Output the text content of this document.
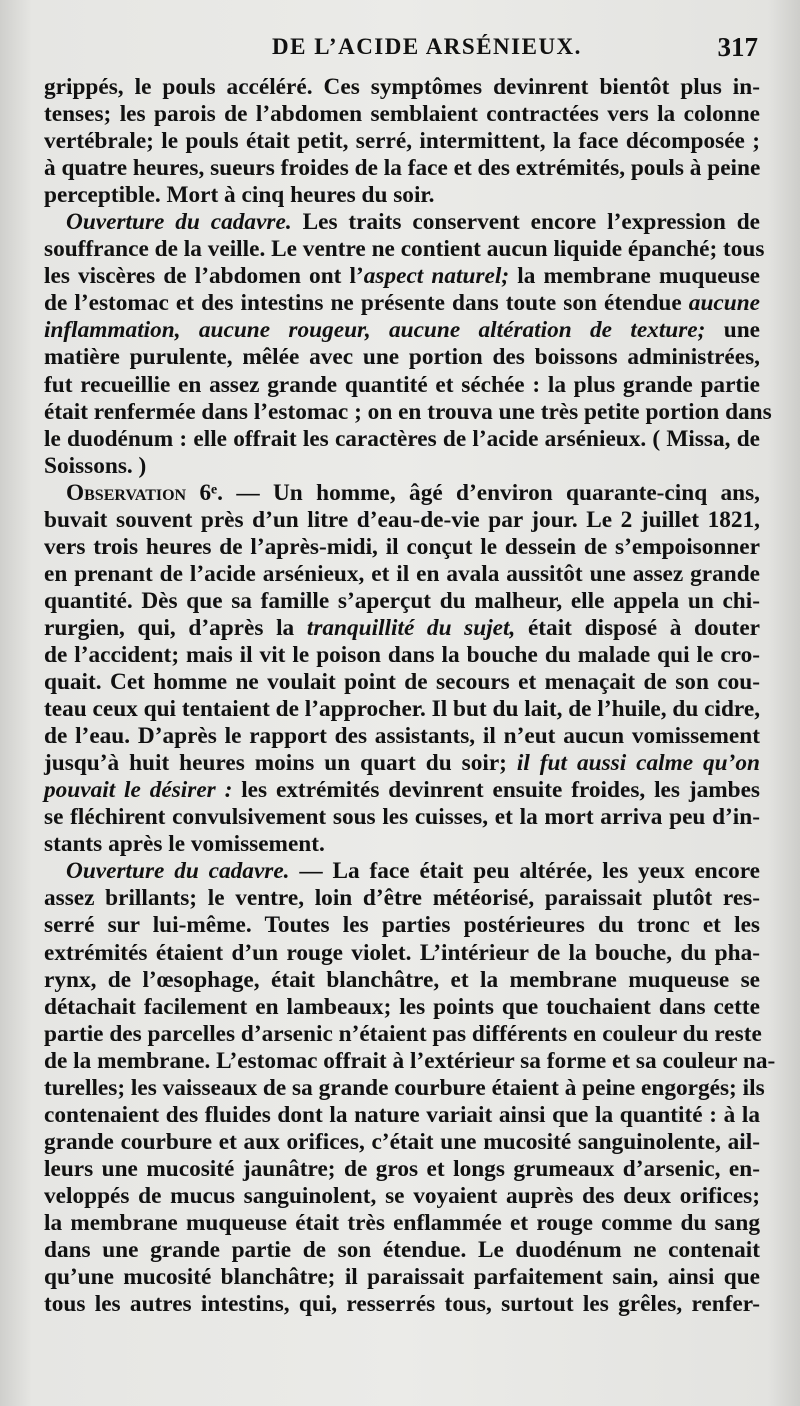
DE L’ACIDE ARSÉNIEUX.	317
grippés, le pouls accéléré. Ces symptômes devinrent bientôt plus in-
tenses; les parois de l’abdomen semblaient contractées vers la colonne
vertébrale; le pouls était petit, serré, intermittent, la face décomposée ;
à quatre heures, sueurs froides de la face et des extrémités, pouls à peine
perceptible. Mort à cinq heures du soir.
Ouverture du cadavre. Les traits conservent encore l’expression de
souffrance de la veille. Le ventre ne contient aucun liquide épanché; tous
les viscères de l’abdomen ont l’aspect naturel; la membrane muqueuse
de l’estomac et des intestins ne présente dans toute son étendue aucune
inflammation, aucune rougeur, aucune altération de texture; une
matière purulente, mêlée avec une portion des boissons administrées,
fut recueillie en assez grande quantité et séchée : la plus grande partie
était renfermée dans l’estomac ; on en trouva une très petite portion dans
le duodénum : elle offrait les caractères de l’acide arsénieux. ( Missa, de
Soissons. )
Observation 6ᵉ. — Un homme, âgé d’environ quarante-cinq ans,
buvait souvent près d’un litre d’eau-de-vie par jour. Le 2 juillet 1821,
vers trois heures de l’après-midi, il conçut le dessein de s’empoisonner
en prenant de l’acide arsénieux, et il en avala aussitôt une assez grande
quantité. Dès que sa famille s’aperçut du malheur, elle appela un chi-
rurgien, qui, d’après la tranquillité du sujet, était disposé à douter
de l’accident; mais il vit le poison dans la bouche du malade qui le cro-
quait. Cet homme ne voulait point de secours et menaçait de son cou-
teau ceux qui tentaient de l’approcher. Il but du lait, de l’huile, du cidre,
de l’eau. D’après le rapport des assistants, il n’eut aucun vomissement
jusqu’à huit heures moins un quart du soir; il fut aussi calme qu’on
pouvait le désirer : les extrémités devinrent ensuite froides, les jambes
se fléchirent convulsivement sous les cuisses, et la mort arriva peu d’in-
stants après le vomissement.
Ouverture du cadavre. — La face était peu altérée, les yeux encore
assez brillants; le ventre, loin d’être météorisé, paraissait plutôt res-
serré sur lui-même. Toutes les parties postérieures du tronc et les
extrémités étaient d’un rouge violet. L’intérieur de la bouche, du pha-
rynx, de l’œsophage, était blanchâtre, et la membrane muqueuse se
détachait facilement en lambeaux; les points que touchaient dans cette
partie des parcelles d’arsenic n’étaient pas différents en couleur du reste
de la membrane. L’estomac offrait à l’extérieur sa forme et sa couleur na-
turelles; les vaisseaux de sa grande courbure étaient à peine engorgés; ils
contenaient des fluides dont la nature variait ainsi que la quantité : à la
grande courbure et aux orifices, c’était une mucosité sanguinolente, ail-
leurs une mucosité jaunâtre; de gros et longs grumeaux d’arsenic, en-
veloppés de mucus sanguinolent, se voyaient auprès des deux orifices;
la membrane muqueuse était très enflammée et rouge comme du sang
dans une grande partie de son étendue. Le duodénum ne contenait
qu’une mucosité blanchâtre; il paraissait parfaitement sain, ainsi que
tous les autres intestins, qui, resserrés tous, surtout les grêles, renfer-
